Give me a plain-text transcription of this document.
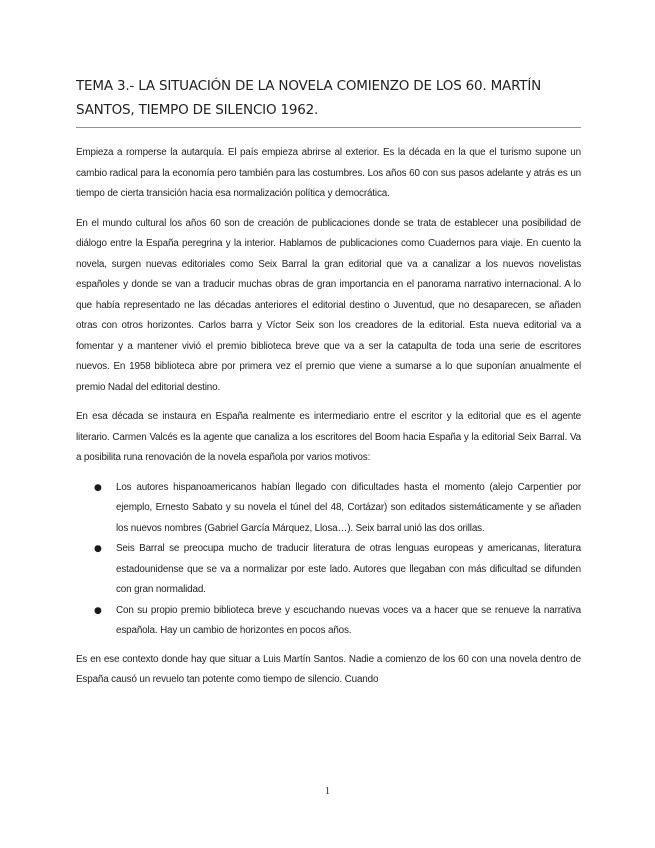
TEMA 3.- LA SITUACIÓN DE LA NOVELA COMIENZO DE LOS 60. MARTÍN SANTOS, TIEMPO DE SILENCIO 1962.

Empieza a romperse la autarquía. El país empieza abrirse al exterior. Es la década en la que el turismo supone un cambio radical para la economía pero también para las costumbres. Los años 60 con sus pasos adelante y atrás es un tiempo de cierta transición hacia esa normalización política y democrática.

En el mundo cultural los años 60 son de creación de publicaciones donde se trata de establecer una posibilidad de diálogo entre la España peregrina y la interior. Hablamos de publicaciones como Cuadernos para viaje. En cuento la novela, surgen nuevas editoriales como Seix Barral la gran editorial que va a canalizar a los nuevos novelistas españoles y donde se van a traducir muchas obras de gran importancia en el panorama narrativo internacional. A lo que había representado ne las décadas anteriores el editorial destino o Juventud, que no desaparecen, se añaden otras con otros horizontes. Carlos barra y Víctor Seix son los creadores de la editorial. Esta nueva editorial va a fomentar y a mantener vivió el premio biblioteca breve que va a ser la catapulta de toda una serie de escritores nuevos. En 1958 biblioteca abre por primera vez el premio que viene a sumarse a lo que suponían anualmente el premio Nadal del editorial destino.

En esa década se instaura en España realmente es intermediario entre el escritor y la editorial que es el agente literario. Carmen Valcés es la agente que canaliza a los escritores del Boom hacia España y la editorial Seix Barral. Va a posibilita runa renovación de la novela española por varios motivos:

● Los autores hispanoamericanos habían llegado con dificultades hasta el momento (alejo Carpentier por ejemplo, Ernesto Sabato y su novela el túnel del 48, Cortázar) son editados sistemáticamente y se añaden los nuevos nombres (Gabriel García Márquez, Llosa…). Seix barral unió las dos orillas.

● Seis Barral se preocupa mucho de traducir literatura de otras lenguas europeas y americanas, literatura estadounidense que se va a normalizar por este lado. Autores que llegaban con más dificultad se difunden con gran normalidad.

● Con su propio premio biblioteca breve y escuchando nuevas voces va a hacer que se renueve la narrativa española. Hay un cambio de horizontes en pocos años.

Es en ese contexto donde hay que situar a Luis Martín Santos. Nadie a comienzo de los 60 con una novela dentro de España causó un revuelo tan potente como tiempo de silencio. Cuando

1
